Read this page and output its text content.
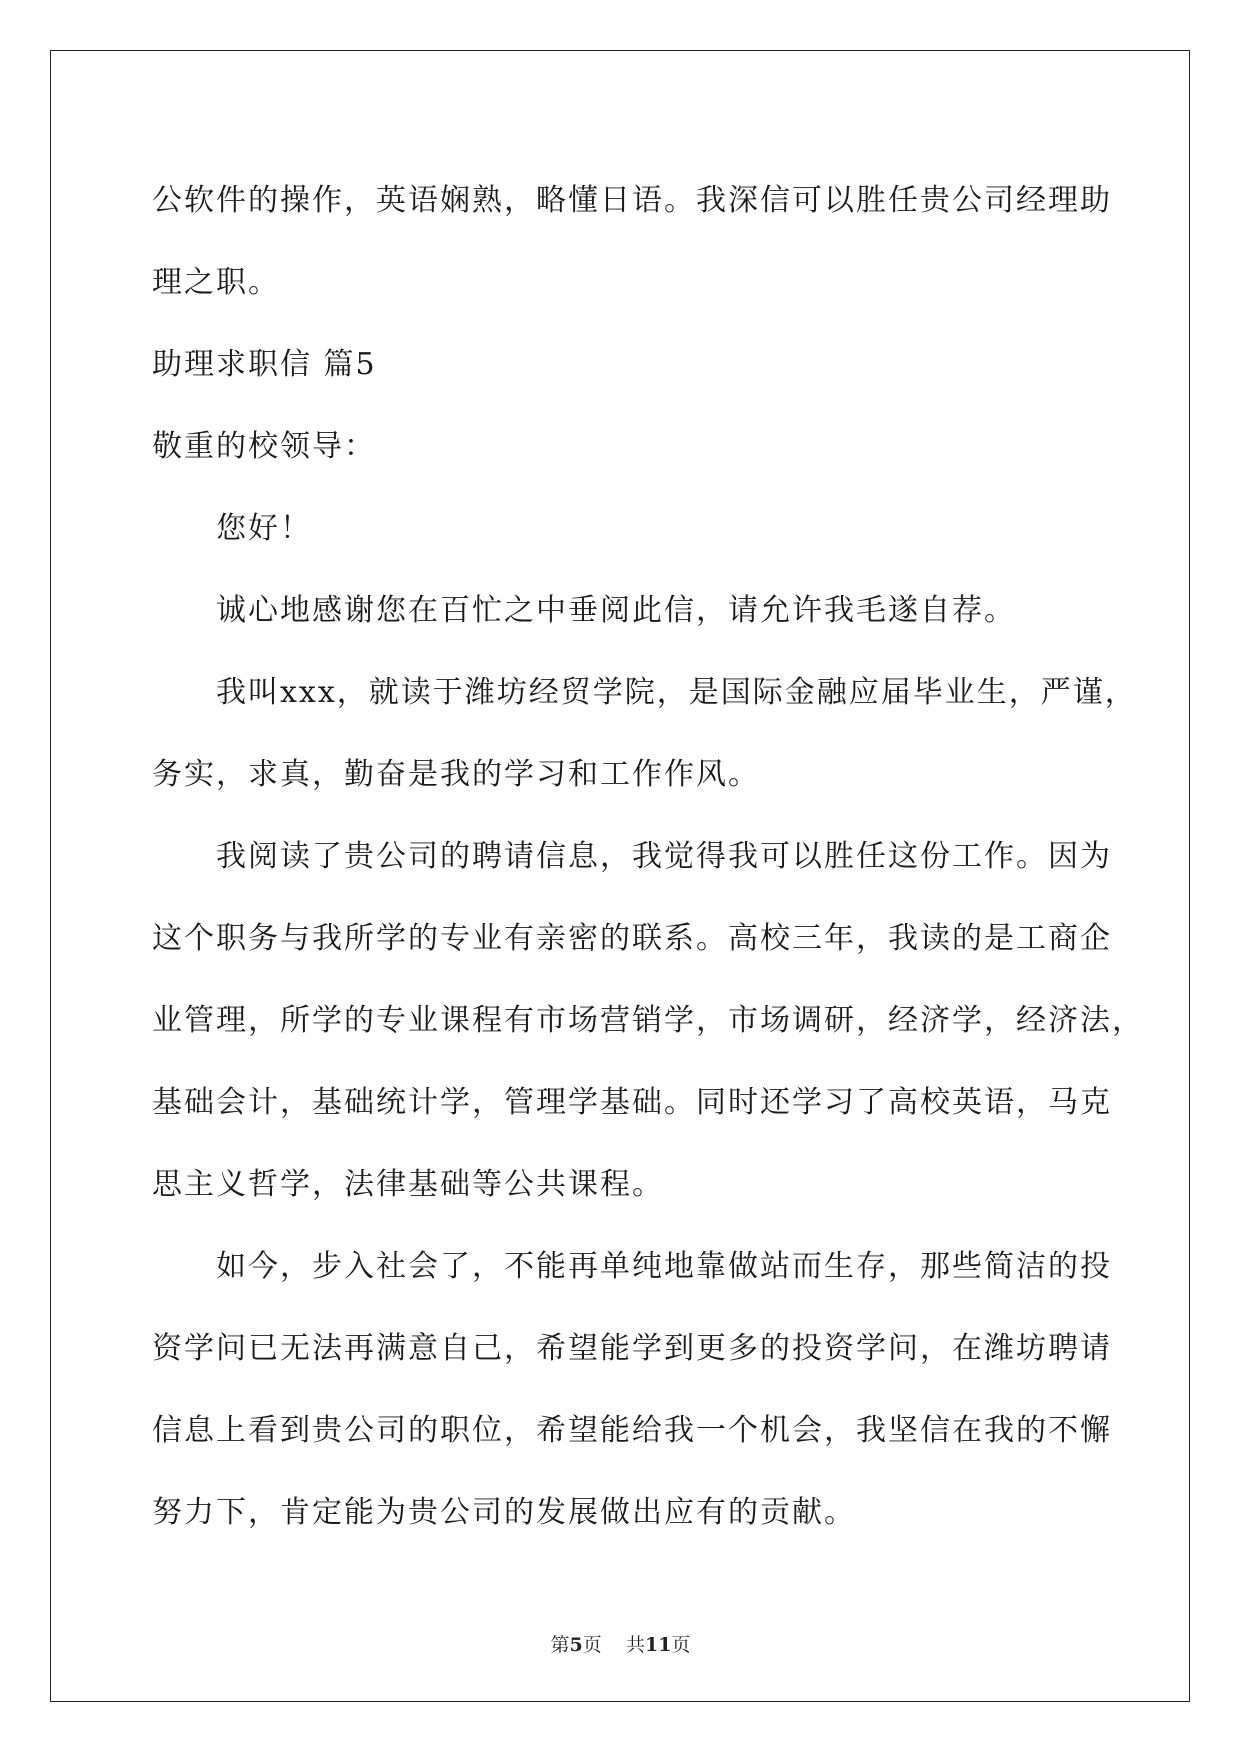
公软件的操作，英语娴熟，略懂日语。我深信可以胜任贵公司经理助
理之职。
助理求职信 篇5
敬重的校领导：
您好！
诚心地感谢您在百忙之中垂阅此信，请允许我毛遂自荐。
我叫xxx，就读于潍坊经贸学院，是国际金融应届毕业生，严谨，
务实，求真，勤奋是我的学习和工作作风。
我阅读了贵公司的聘请信息，我觉得我可以胜任这份工作。因为
这个职务与我所学的专业有亲密的联系。高校三年，我读的是工商企
业管理，所学的专业课程有市场营销学，市场调研，经济学，经济法，
基础会计，基础统计学，管理学基础。同时还学习了高校英语，马克
思主义哲学，法律基础等公共课程。
如今，步入社会了，不能再单纯地靠做站而生存，那些简洁的投
资学问已无法再满意自己，希望能学到更多的投资学问，在潍坊聘请
信息上看到贵公司的职位，希望能给我一个机会，我坚信在我的不懈
努力下，肯定能为贵公司的发展做出应有的贡献。
第5页 共11页
